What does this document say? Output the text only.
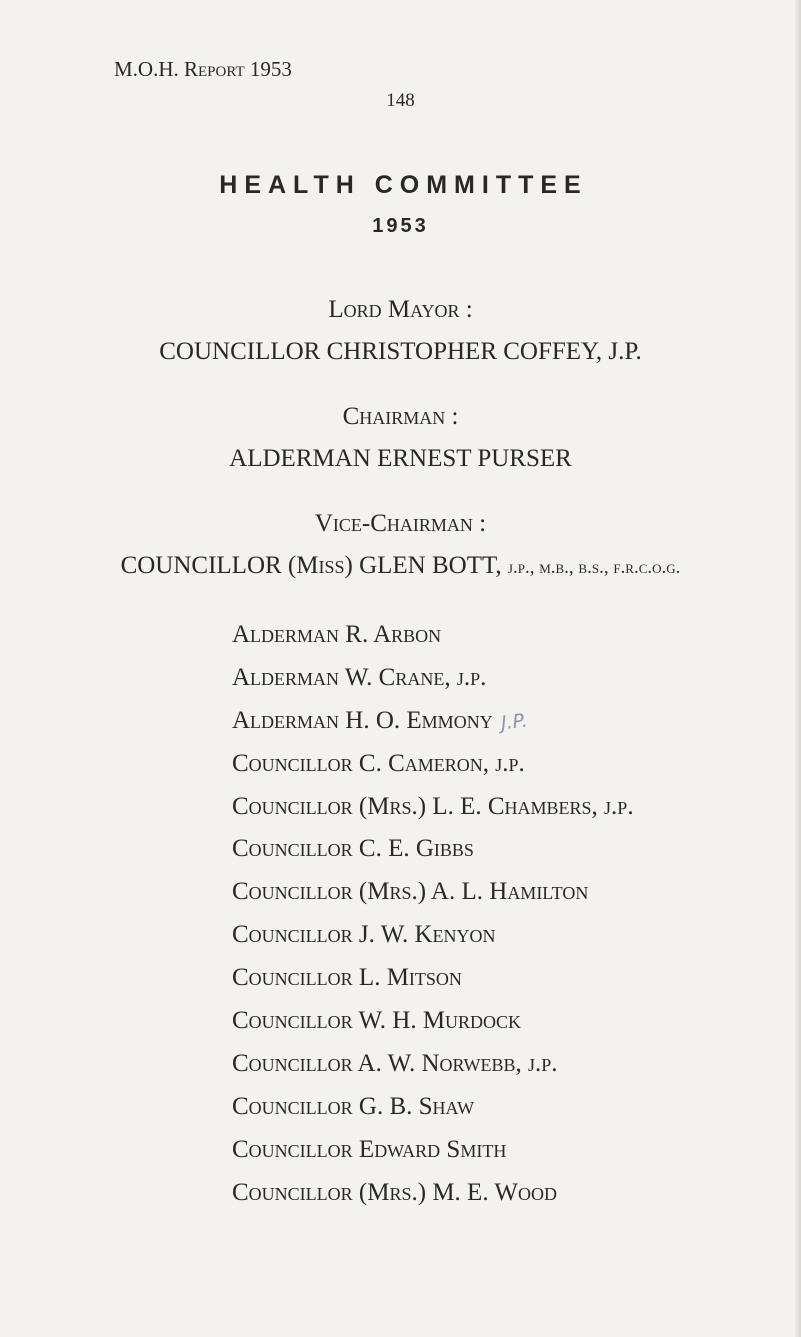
M.O.H. Report 1953
148
HEALTH COMMITTEE
1953
Lord Mayor :
COUNCILLOR CHRISTOPHER COFFEY, J.P.
Chairman :
ALDERMAN ERNEST PURSER
Vice-Chairman :
COUNCILLOR (Miss) GLEN BOTT, j.p., m.b., b.s., f.r.c.o.g.
Alderman R. Arbon
Alderman W. Crane, j.p.
Alderman H. O. Emmony J.P.
Councillor C. Cameron, j.p.
Councillor (Mrs.) L. E. Chambers, j.p.
Councillor C. E. Gibbs
Councillor (Mrs.) A. L. Hamilton
Councillor J. W. Kenyon
Councillor L. Mitson
Councillor W. H. Murdock
Councillor A. W. Norwebb, j.p.
Councillor G. B. Shaw
Councillor Edward Smith
Councillor (Mrs.) M. E. Wood
